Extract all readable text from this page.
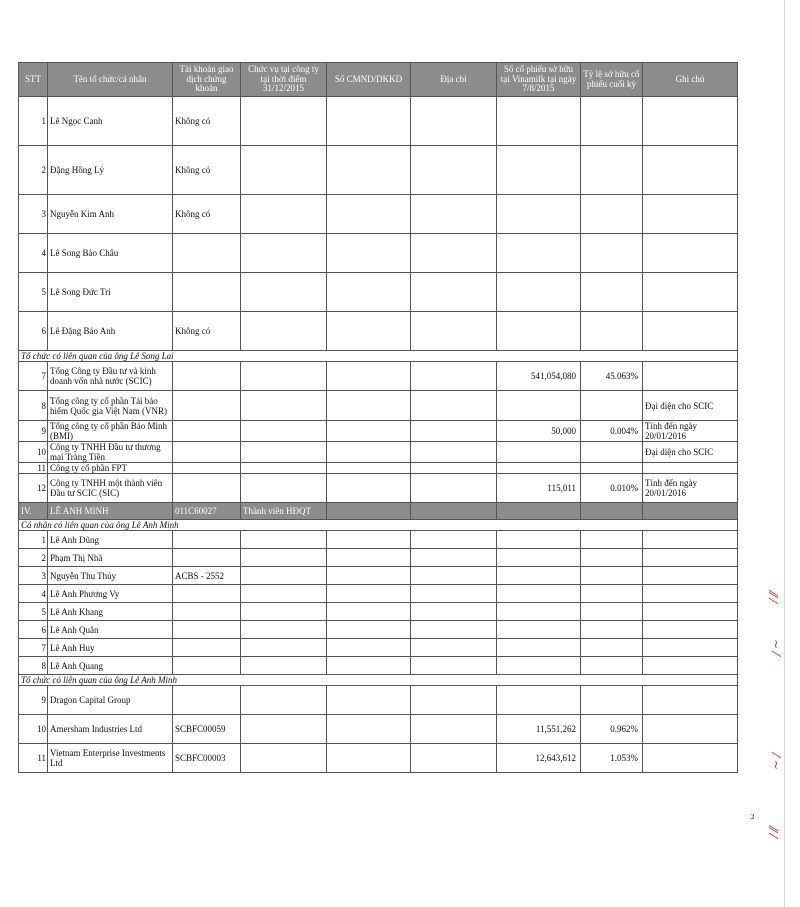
STT	Tên tổ chức/cá nhân	Tài khoản giao dịch chứng khoán	Chức vụ tại công ty tại thời điểm 31/12/2015	Số CMND/DKKD	Địa chỉ	Số cổ phiếu sở hữu tại Vinamilk tại ngày 7/8/2015	Tỷ lệ sở hữu cổ phiếu cuối kỳ	Ghi chú
1	Lê Ngọc Canh	Không có						
2	Đặng Hồng Lý	Không có						
3	Nguyễn Kim Anh	Không có						
4	Lê Song Bảo Châu							
5	Lê Song Đức Trí							
6	Lê Đặng Bảo Anh	Không có						
Tổ chức có liên quan của ông Lê Song Lai								
7	Tổng Công ty Đầu tư và kinh doanh vốn nhà nước (SCIC)					541,054,080	45.063%	
8	Tổng công ty cổ phần Tái bảo hiểm Quốc gia Việt Nam (VNR)							Đại diện cho SCIC
9	Tổng công ty cổ phần Bảo Minh (BMI)					50,000	0.004%	Tính đến ngày 20/01/2016
10	Công ty TNHH Đầu tư thương mại Tràng Tiền							Đại diện cho SCIC
11	Công ty cổ phần FPT							
12	Công ty TNHH một thành viên Đầu tư SCIC (SIC)					115,011	0.010%	Tính đến ngày 20/01/2016
IV.	LÊ ANH MINH	011C60027	Thành viên HĐQT					
Cá nhân có liên quan của ông Lê Anh Minh								
1	Lê Anh Dũng							
2	Phạm Thị Nhã							
3	Nguyễn Thu Thủy	ACBS - 2552						
4	Lê Anh Phương Vy							
5	Lê Anh Khang							
6	Lê Anh Quân							
7	Lê Anh Huy							
8	Lê Anh Quang							
Tổ chức có liên quan của ông Lê Anh Minh								
9	Dragon Capital Group							
10	Amersham Industries Ltd	SCBFC00059				11,551,262	0.962%	
11	Vietnam Enterprise Investments Ltd	SCBFC00003				12,643,612	1.053%	
2
⁄⁄ ⁄
~ ⁄
⁄ ~
⁄⁄ ⁄
